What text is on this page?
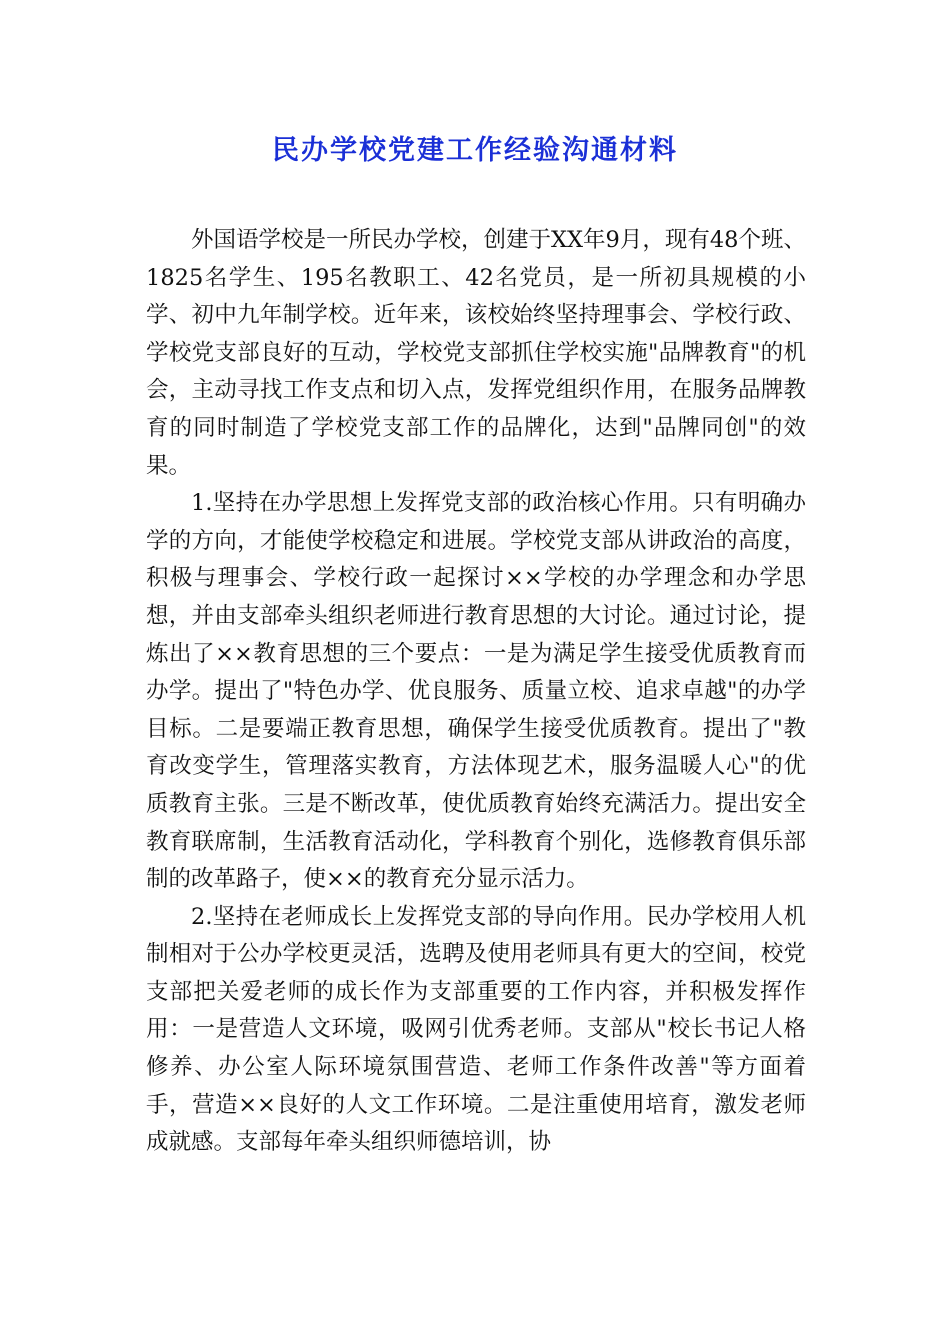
民办学校党建工作经验沟通材料

外国语学校是一所民办学校，创建于XX年9月，现有48个班、1825名学生、195名教职工、42名党员，是一所初具规模的小学、初中九年制学校。近年来，该校始终坚持理事会、学校行政、学校党支部良好的互动，学校党支部抓住学校实施"品牌教育"的机会，主动寻找工作支点和切入点，发挥党组织作用，在服务品牌教育的同时制造了学校党支部工作的品牌化，达到"品牌同创"的效果。

1.坚持在办学思想上发挥党支部的政治核心作用。只有明确办学的方向，才能使学校稳定和进展。学校党支部从讲政治的高度，积极与理事会、学校行政一起探讨××学校的办学理念和办学思想，并由支部牵头组织老师进行教育思想的大讨论。通过讨论，提炼出了××教育思想的三个要点：一是为满足学生接受优质教育而办学。提出了"特色办学、优良服务、质量立校、追求卓越"的办学目标。二是要端正教育思想，确保学生接受优质教育。提出了"教育改变学生，管理落实教育，方法体现艺术，服务温暖人心"的优质教育主张。三是不断改革，使优质教育始终充满活力。提出安全教育联席制，生活教育活动化，学科教育个别化，选修教育俱乐部制的改革路子，使××的教育充分显示活力。

2.坚持在老师成长上发挥党支部的导向作用。民办学校用人机制相对于公办学校更灵活，选聘及使用老师具有更大的空间，校党支部把关爱老师的成长作为支部重要的工作内容，并积极发挥作用：一是营造人文环境，吸网引优秀老师。支部从"校长书记人格修养、办公室人际环境氛围营造、老师工作条件改善"等方面着手，营造××良好的人文工作环境。二是注重使用培育，激发老师成就感。支部每年牵头组织师德培训，协
